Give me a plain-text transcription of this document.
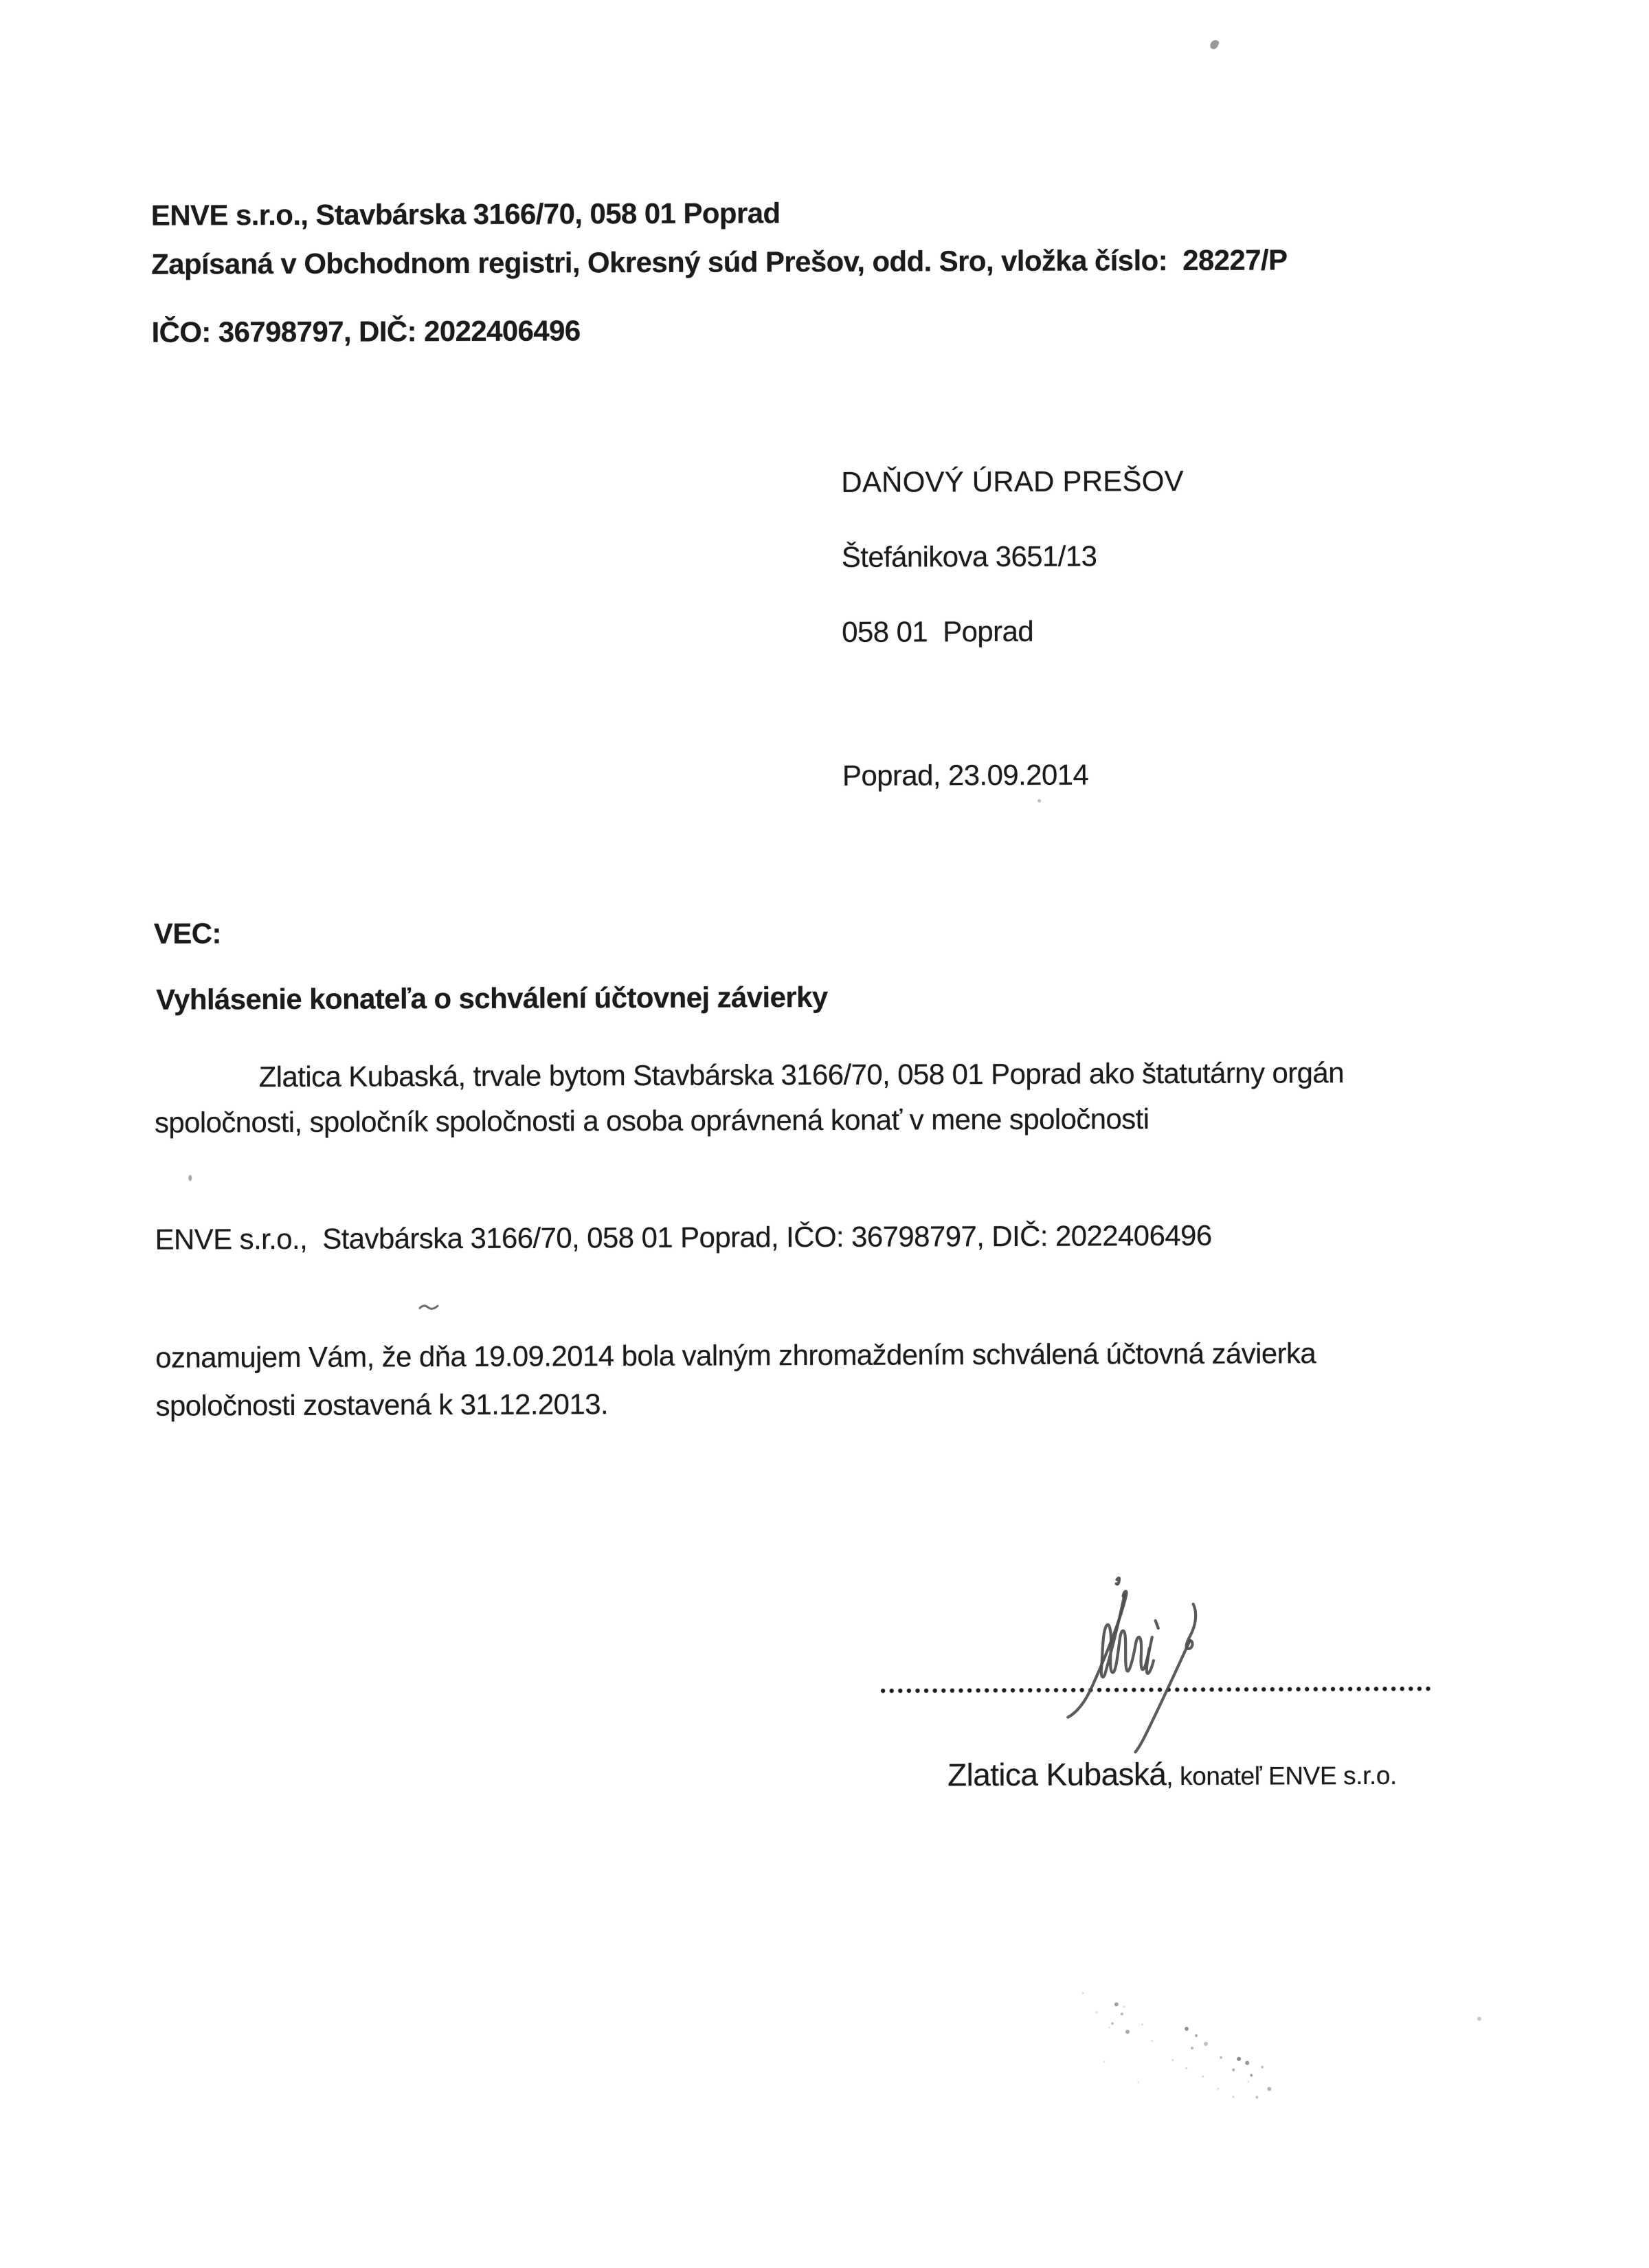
ENVE s.r.o., Stavbárska 3166/70, 058 01 Poprad
Zapísaná v Obchodnom registri, Okresný súd Prešov, odd. Sro, vložka číslo:  28227/P
IČO: 36798797, DIČ: 2022406496
DAŇOVÝ ÚRAD PREŠOV
Štefánikova 3651/13
058 01  Poprad
Poprad, 23.09.2014
VEC:
Vyhlásenie konateľa o schválení účtovnej závierky
Zlatica Kubaská, trvale bytom Stavbárska 3166/70, 058 01 Poprad ako štatutárny orgán
spoločnosti, spoločník spoločnosti a osoba oprávnená konať v mene spoločnosti
ENVE s.r.o.,  Stavbárska 3166/70, 058 01 Poprad, IČO: 36798797, DIČ: 2022406496
oznamujem Vám, že dňa 19.09.2014 bola valným zhromaždením schválená účtovná závierka
spoločnosti zostavená k 31.12.2013.

Zlatica Kubaská, konateľ ENVE s.r.o.
